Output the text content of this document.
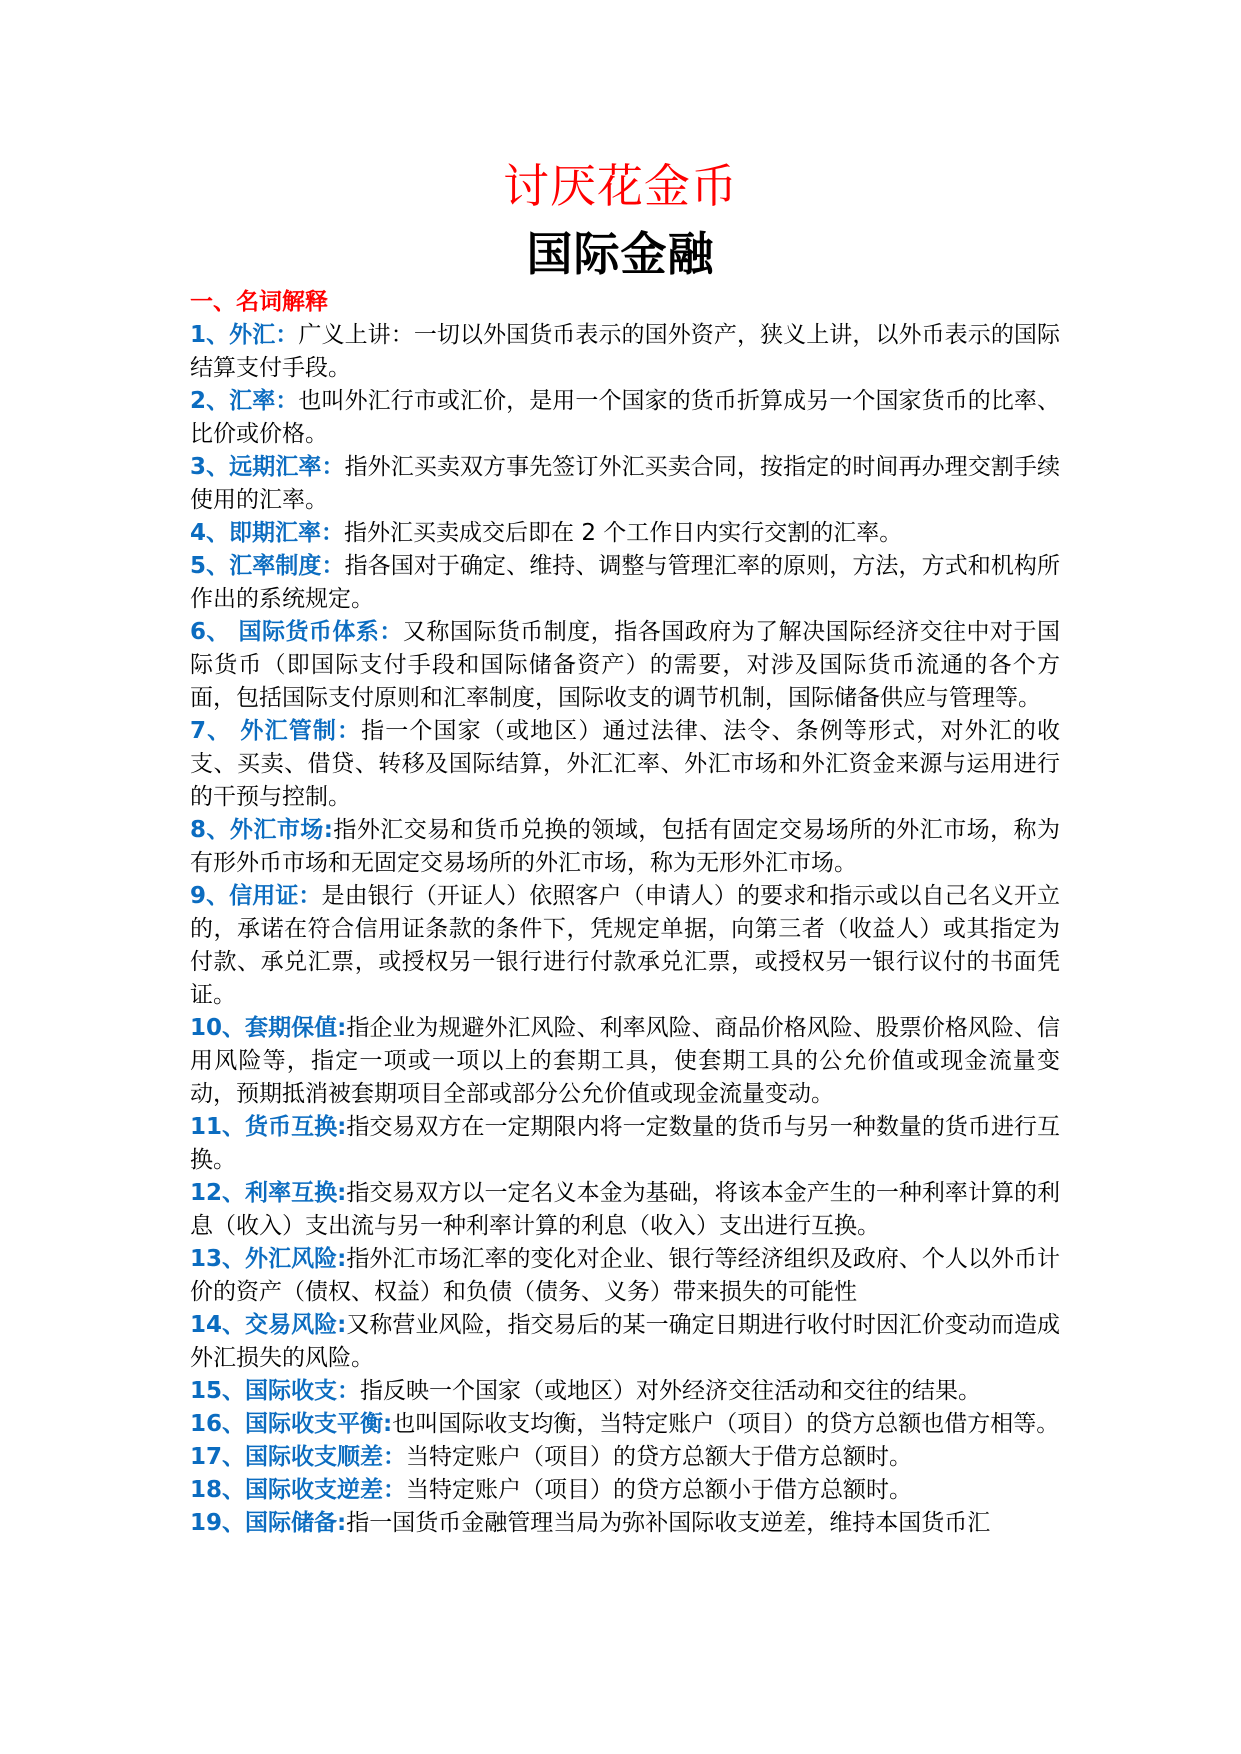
讨厌花金币
国际金融

一、名词解释

1、外汇：广义上讲：一切以外国货币表示的国外资产，狭义上讲，以外币表示的国际结算支付手段。

2、汇率：也叫外汇行市或汇价，是用一个国家的货币折算成另一个国家货币的比率、比价或价格。

3、远期汇率：指外汇买卖双方事先签订外汇买卖合同，按指定的时间再办理交割手续使用的汇率。

4、即期汇率：指外汇买卖成交后即在 2 个工作日内实行交割的汇率。

5、汇率制度：指各国对于确定、维持、调整与管理汇率的原则，方法，方式和机构所作出的系统规定。

6、 国际货币体系：又称国际货币制度，指各国政府为了解决国际经济交往中对于国际货币（即国际支付手段和国际储备资产）的需要，对涉及国际货币流通的各个方面，包括国际支付原则和汇率制度，国际收支的调节机制，国际储备供应与管理等。

7、 外汇管制：指一个国家（或地区）通过法律、法令、条例等形式，对外汇的收支、买卖、借贷、转移及国际结算，外汇汇率、外汇市场和外汇资金来源与运用进行的干预与控制。

8、外汇市场:指外汇交易和货币兑换的领域，包括有固定交易场所的外汇市场，称为有形外币市场和无固定交易场所的外汇市场，称为无形外汇市场。

9、信用证：是由银行（开证人）依照客户（申请人）的要求和指示或以自己名义开立的，承诺在符合信用证条款的条件下，凭规定单据，向第三者（收益人）或其指定为付款、承兑汇票，或授权另一银行进行付款承兑汇票，或授权另一银行议付的书面凭证。

10、套期保值:指企业为规避外汇风险、利率风险、商品价格风险、股票价格风险、信用风险等，指定一项或一项以上的套期工具，使套期工具的公允价值或现金流量变动，预期抵消被套期项目全部或部分公允价值或现金流量变动。

11、货币互换:指交易双方在一定期限内将一定数量的货币与另一种数量的货币进行互换。

12、利率互换:指交易双方以一定名义本金为基础，将该本金产生的一种利率计算的利息（收入）支出流与另一种利率计算的利息（收入）支出进行互换。

13、外汇风险:指外汇市场汇率的变化对企业、银行等经济组织及政府、个人以外币计价的资产（债权、权益）和负债（债务、义务）带来损失的可能性

14、交易风险:又称营业风险，指交易后的某一确定日期进行收付时因汇价变动而造成外汇损失的风险。

15、国际收支：指反映一个国家（或地区）对外经济交往活动和交往的结果。

16、国际收支平衡:也叫国际收支均衡，当特定账户（项目）的贷方总额也借方相等。

17、国际收支顺差：当特定账户（项目）的贷方总额大于借方总额时。

18、国际收支逆差：当特定账户（项目）的贷方总额小于借方总额时。

19、国际储备:指一国货币金融管理当局为弥补国际收支逆差，维持本国货币汇
